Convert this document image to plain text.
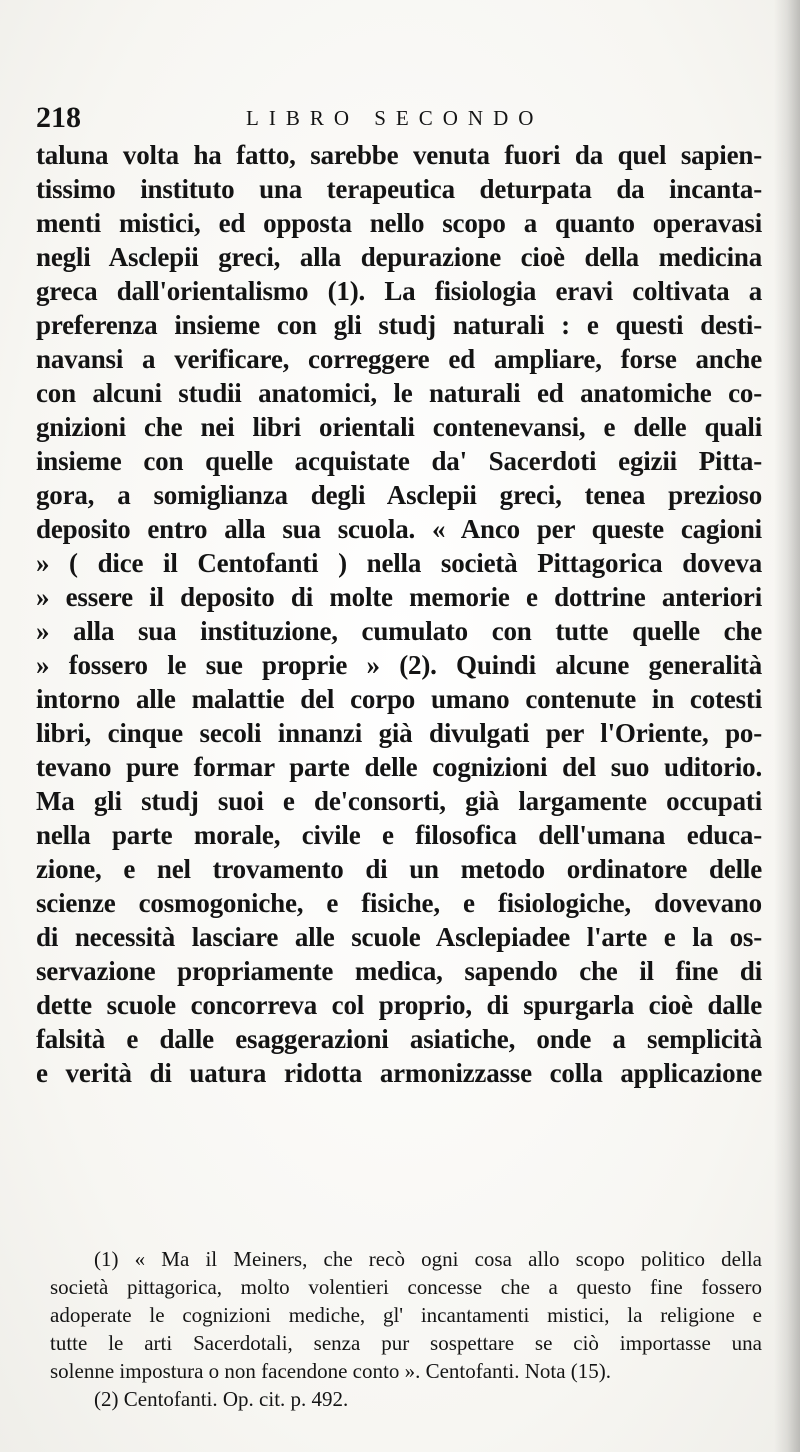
218	LIBRO SECONDO
taluna volta ha fatto, sarebbe venuta fuori da quel sapien-
tissimo instituto una terapeutica deturpata da incanta-
menti mistici, ed opposta nello scopo a quanto operavasi
negli Asclepii greci, alla depurazione cioè della medicina
greca dall'orientalismo (1). La fisiologia eravi coltivata a
preferenza insieme con gli studj naturali : e questi desti-
navansi a verificare, correggere ed ampliare, forse anche
con alcuni studii anatomici, le naturali ed anatomiche co-
gnizioni che nei libri orientali contenevansi, e delle quali
insieme con quelle acquistate da' Sacerdoti egizii Pitta-
gora, a somiglianza degli Asclepii greci, tenea prezioso
deposito entro alla sua scuola. « Anco per queste cagioni
» ( dice il Centofanti ) nella società Pittagorica doveva
» essere il deposito di molte memorie e dottrine anteriori
» alla sua instituzione, cumulato con tutte quelle che
» fossero le sue proprie » (2). Quindi alcune generalità
intorno alle malattie del corpo umano contenute in cotesti
libri, cinque secoli innanzi già divulgati per l'Oriente, po-
tevano pure formar parte delle cognizioni del suo uditorio.
Ma gli studj suoi e de'consorti, già largamente occupati
nella parte morale, civile e filosofica dell'umana educa-
zione, e nel trovamento di un metodo ordinatore delle
scienze cosmogoniche, e fisiche, e fisiologiche, dovevano
di necessità lasciare alle scuole Asclepiadee l'arte e la os-
servazione propriamente medica, sapendo che il fine di
dette scuole concorreva col proprio, di spurgarla cioè dalle
falsità e dalle esaggerazioni asiatiche, onde a semplicità
e verità di uatura ridotta armonizzasse colla applicazione
(1) « Ma il Meiners, che recò ogni cosa allo scopo politico della
società pittagorica, molto volentieri concesse che a questo fine fossero
adoperate le cognizioni mediche, gl' incantamenti mistici, la religione e
tutte le arti Sacerdotali, senza pur sospettare se ciò importasse una
solenne impostura o non facendone conto ». Centofanti. Nota (15).
(2) Centofanti. Op. cit. p. 492.
